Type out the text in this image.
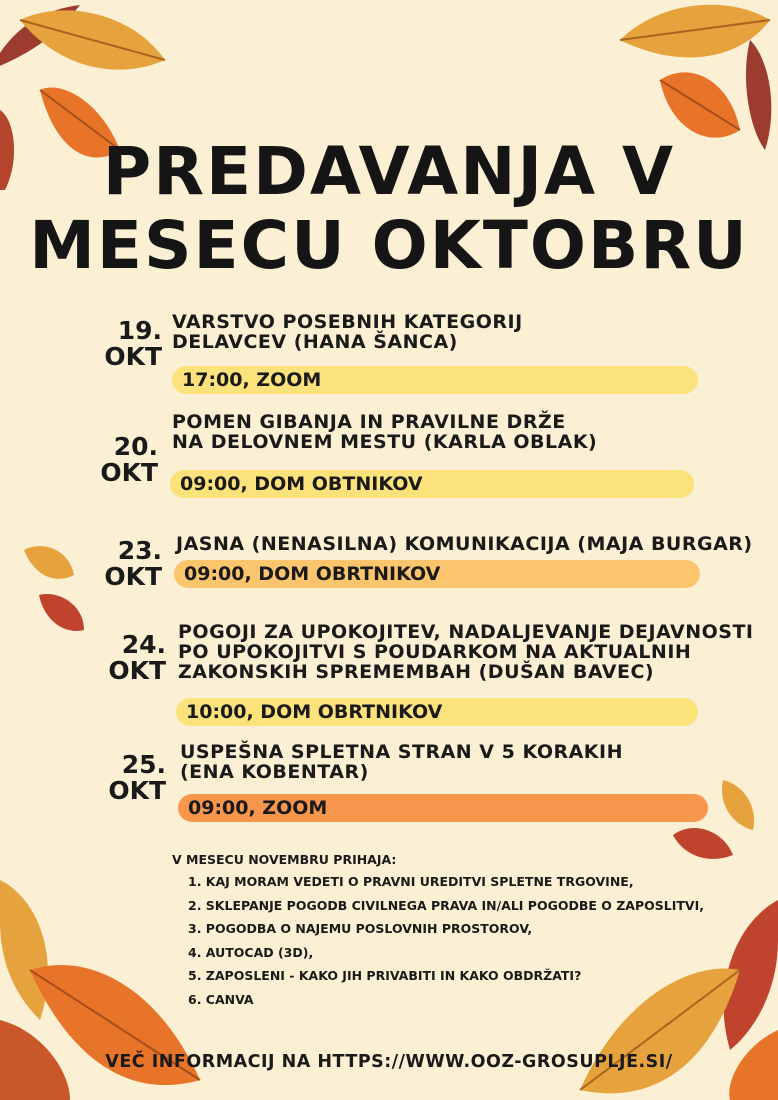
PREDAVANJA V
MESECU OKTOBRU
19.
OKT
VARSTVO POSEBNIH KATEGORIJ DELAVCEV (HANA ŠANCA)
17:00, ZOOM
20.
OKT
POMEN GIBANJA IN PRAVILNE DRŽE NA DELOVNEM MESTU (KARLA OBLAK)
09:00, DOM OBTNIKOV
23.
OKT
JASNA (NENASILNA) KOMUNIKACIJA (MAJA BURGAR)
09:00, DOM OBRTNIKOV
24.
OKT
POGOJI ZA UPOKOJITEV, NADALJEVANJE DEJAVNOSTI PO UPOKOJITVI S POUDARKOM NA AKTUALNIH ZAKONSKIH SPREMEMBAH (DUŠAN BAVEC)
10:00, DOM OBRTNIKOV
25.
OKT
USPEŠNA SPLETNA STRAN V 5 KORAKIH (ENA KOBENTAR)
09:00, ZOOM
V MESECU NOVEMBRU PRIHAJA:
1. KAJ MORAM VEDETI O PRAVNI UREDITVI SPLETNE TRGOVINE,
2. SKLEPANJE POGODB CIVILNEGA PRAVA IN/ALI POGODBE O ZAPOSLITVI,
3. POGODBA O NAJEMU POSLOVNIH PROSTOROV,
4. AUTOCAD (3D),
5. ZAPOSLENI - KAKO JIH PRIVABITI IN KAKO OBDRŽATI?
6. CANVA
VEČ INFORMACIJ NA HTTPS://WWW.OOZ-GROSUPLJE.SI/
